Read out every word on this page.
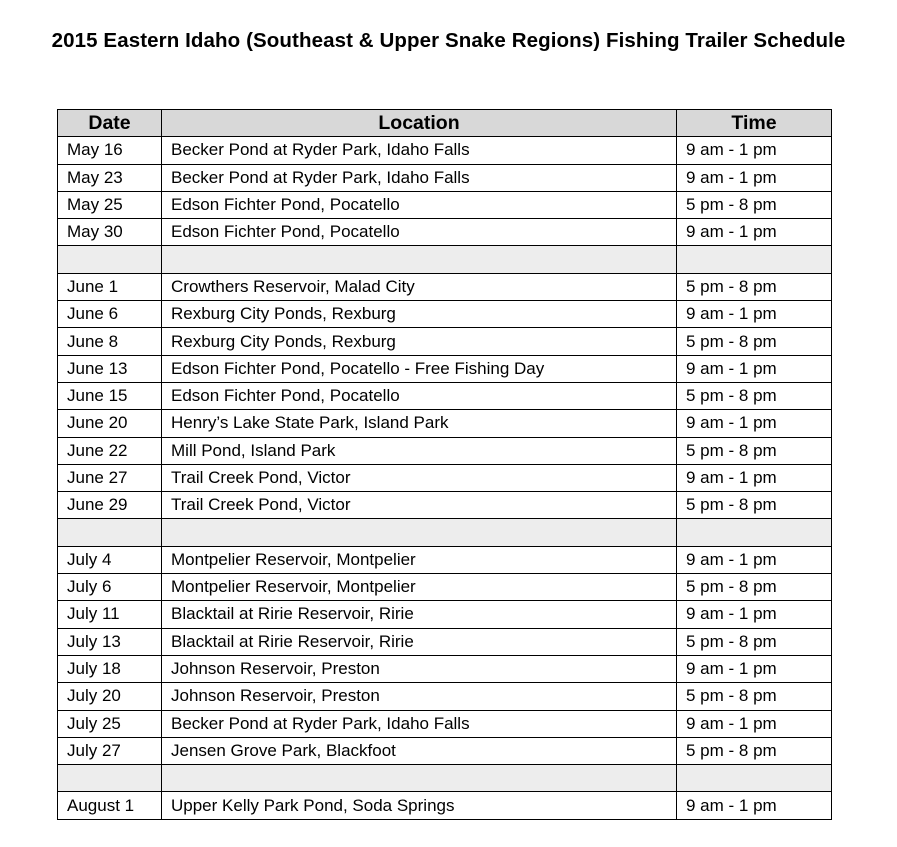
2015 Eastern Idaho (Southeast & Upper Snake Regions) Fishing Trailer Schedule
Date	Location	Time
May 16	Becker Pond at Ryder Park, Idaho Falls	9 am - 1 pm
May 23	Becker Pond at Ryder Park, Idaho Falls	9 am - 1 pm
May 25	Edson Fichter Pond, Pocatello	5 pm - 8 pm
May 30	Edson Fichter Pond, Pocatello	9 am - 1 pm

June 1	Crowthers Reservoir, Malad City	5 pm - 8 pm
June 6	Rexburg City Ponds, Rexburg	9 am - 1 pm
June 8	Rexburg City Ponds, Rexburg	5 pm - 8 pm
June 13	Edson Fichter Pond, Pocatello - Free Fishing Day	9 am - 1 pm
June 15	Edson Fichter Pond, Pocatello	5 pm - 8 pm
June 20	Henry’s Lake State Park, Island Park	9 am - 1 pm
June 22	Mill Pond, Island Park	5 pm - 8 pm
June 27	Trail Creek Pond, Victor	9 am - 1 pm
June 29	Trail Creek Pond, Victor	5 pm - 8 pm

July 4	Montpelier Reservoir, Montpelier	9 am - 1 pm
July 6	Montpelier Reservoir, Montpelier	5 pm - 8 pm
July 11	Blacktail at Ririe Reservoir, Ririe	9 am - 1 pm
July 13	Blacktail at Ririe Reservoir, Ririe	5 pm - 8 pm
July 18	Johnson Reservoir, Preston	9 am - 1 pm
July 20	Johnson Reservoir, Preston	5 pm - 8 pm
July 25	Becker Pond at Ryder Park, Idaho Falls	9 am - 1 pm
July 27	Jensen Grove Park, Blackfoot	5 pm - 8 pm

August 1	Upper Kelly Park Pond, Soda Springs	9 am - 1 pm
